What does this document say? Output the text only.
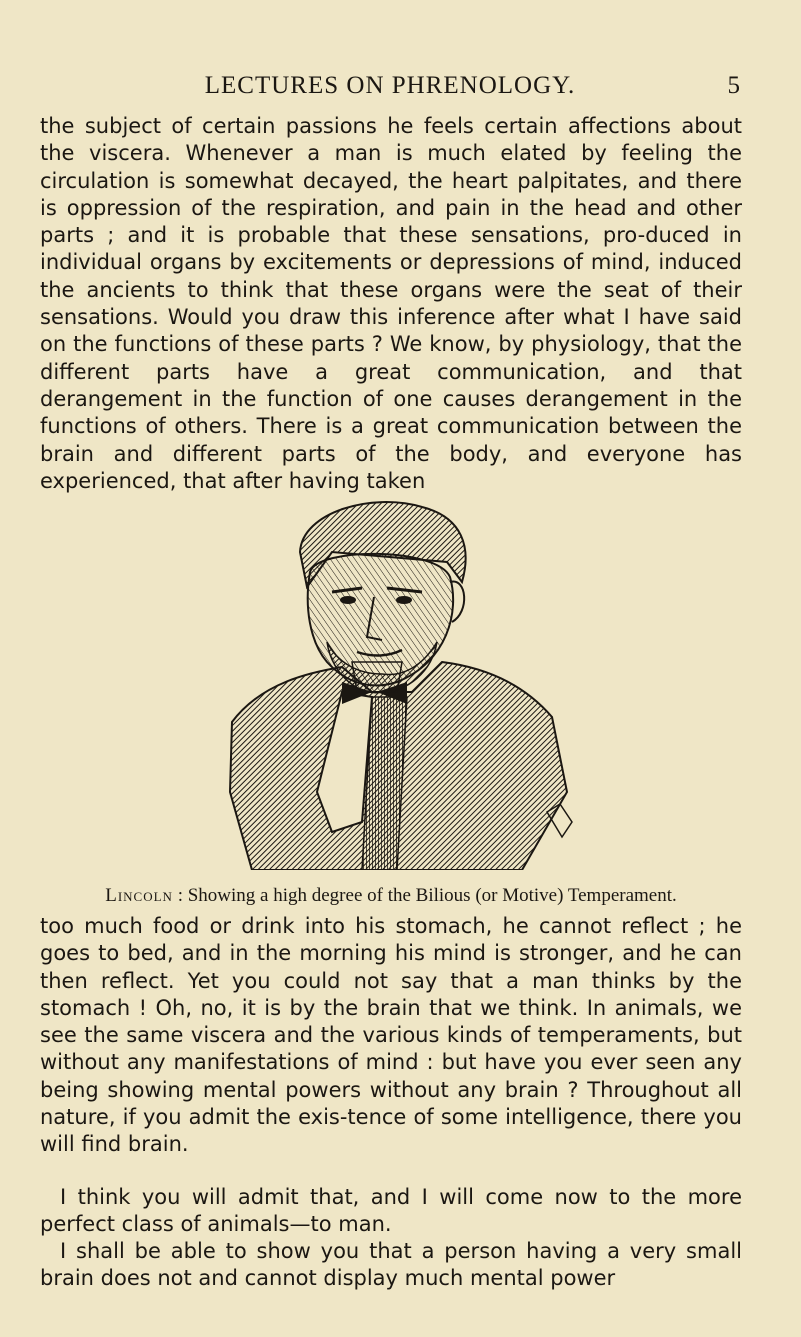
LECTURES ON PHRENOLOGY.	5

the subject of certain passions he feels certain affections about the viscera. Whenever a man is much elated by feeling the circulation is somewhat decayed, the heart palpitates, and there is oppression of the respiration, and pain in the head and other parts ; and it is probable that these sensations, pro-duced in individual organs by excitements or depressions of mind, induced the ancients to think that these organs were the seat of their sensations. Would you draw this inference after what I have said on the functions of these parts ? We know, by physiology, that the different parts have a great communication, and that derangement in the function of one causes derangement in the functions of others. There is a great communication between the brain and different parts of the body, and everyone has experienced, that after having taken

Lincoln : Showing a high degree of the Bilious (or Motive) Temperament.

too much food or drink into his stomach, he cannot reflect ; he goes to bed, and in the morning his mind is stronger, and he can then reflect. Yet you could not say that a man thinks by the stomach ! Oh, no, it is by the brain that we think. In animals, we see the same viscera and the various kinds of temperaments, but without any manifestations of mind : but have you ever seen any being showing mental powers without any brain ? Throughout all nature, if you admit the exis-tence of some intelligence, there you will find brain.

I think you will admit that, and I will come now to the more perfect class of animals—to man.

I shall be able to show you that a person having a very small brain does not and cannot display much mental power
